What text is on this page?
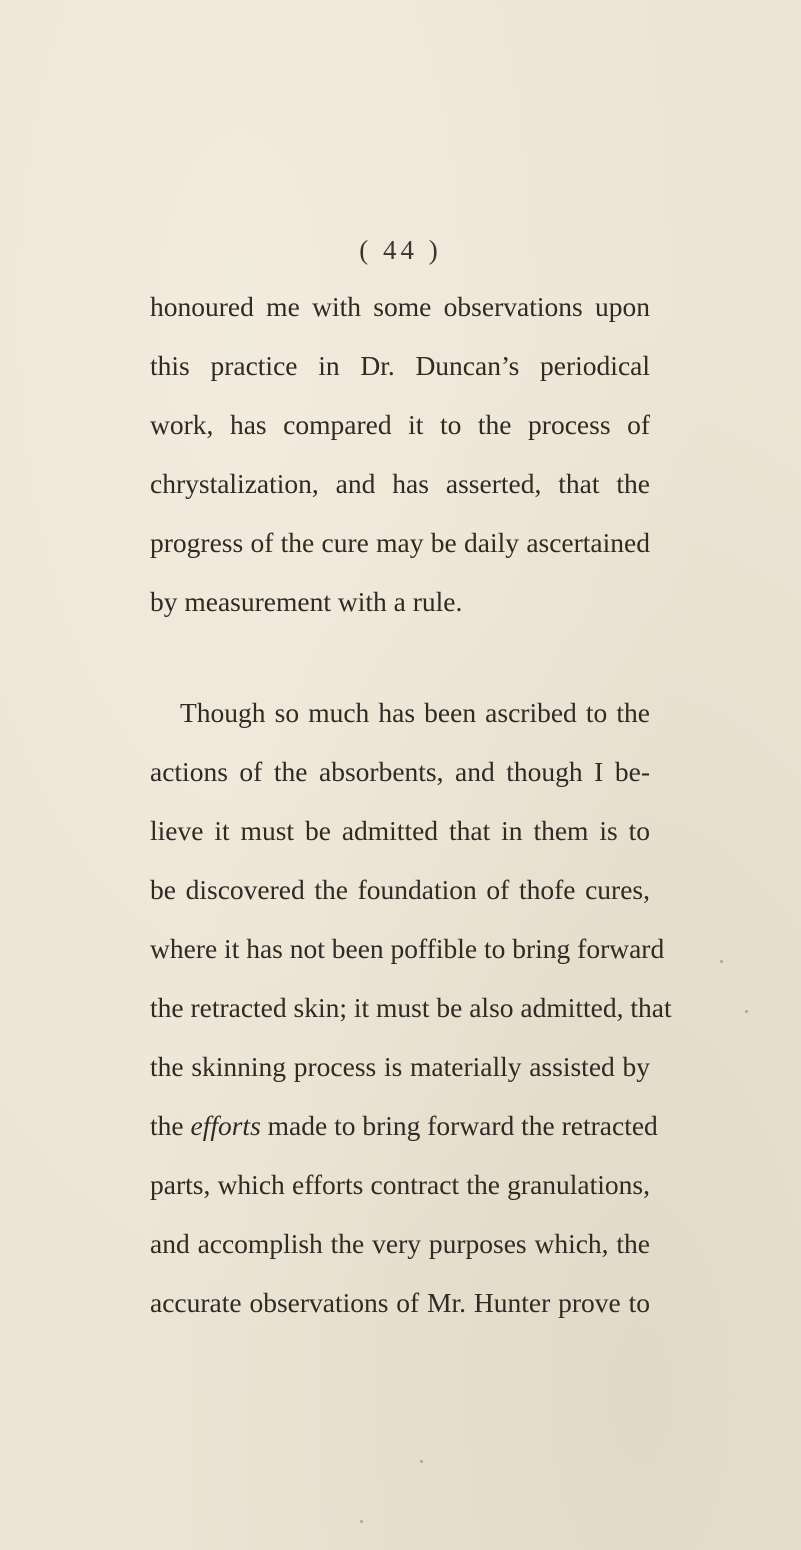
( 44 )
honoured me with some observations upon
this practice in Dr. Duncan’s periodical
work, has compared it to the process of
chrystalization, and has asserted, that the
progress of the cure may be daily ascertained
by measurement with a rule.
Though so much has been ascribed to the
actions of the absorbents, and though I be-
lieve it must be admitted that in them is to
be discovered the foundation of thofe cures,
where it has not been poffible to bring forward
the retracted skin; it must be also admitted, that
the skinning process is materially assisted by
the efforts made to bring forward the retracted
parts, which efforts contract the granulations,
and accomplish the very purposes which, the
accurate observations of Mr. Hunter prove to
